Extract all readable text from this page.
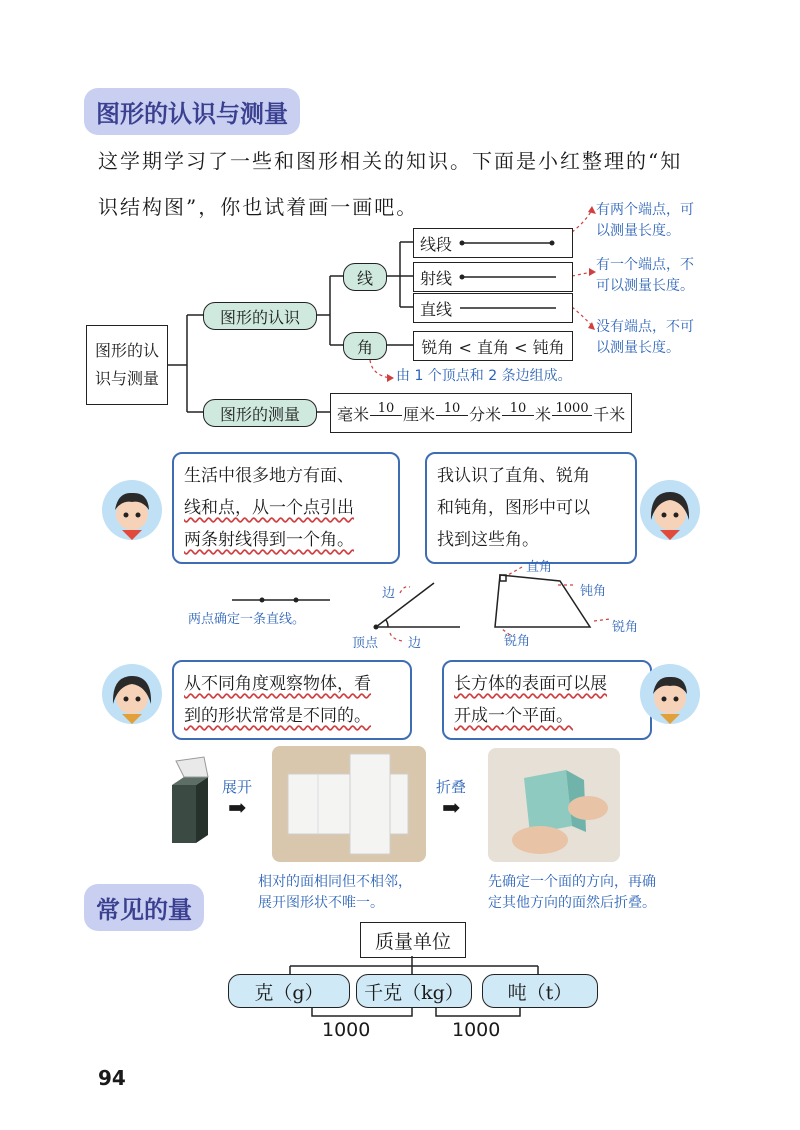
图形的认识与测量
这学期学习了一些和图形相关的知识。下面是小红整理的“知
识结构图”，你也试着画一画吧。
图形的认
识与测量
图形的认识
图形的测量
线
角
线段
射线
直线
锐角 < 直角 < 钝角
毫米 10 厘米 10 分米 10 米 1000 千米
有两个端点，可
以测量长度。
有一个端点，不
可以测量长度。
没有端点，不可
以测量长度。
由 1 个顶点和 2 条边组成。
生活中很多地方有面、
线和点，从一个点引出
两条射线得到一个角。
我认识了直角、锐角
和钝角，图形中可以
找到这些角。
两点确定一条直线。
边
顶点 边
直角
钝角
锐角
锐角
从不同角度观察物体，看
到的形状常常是不同的。
长方体的表面可以展
开成一个平面。
展开
➡
折叠
➡
相对的面相同但不相邻，
展开图形状不唯一。
先确定一个面的方向，再确
定其他方向的面然后折叠。
常见的量
质量单位
克（g）	千克（kg）	吨（t）
1000	1000
94
